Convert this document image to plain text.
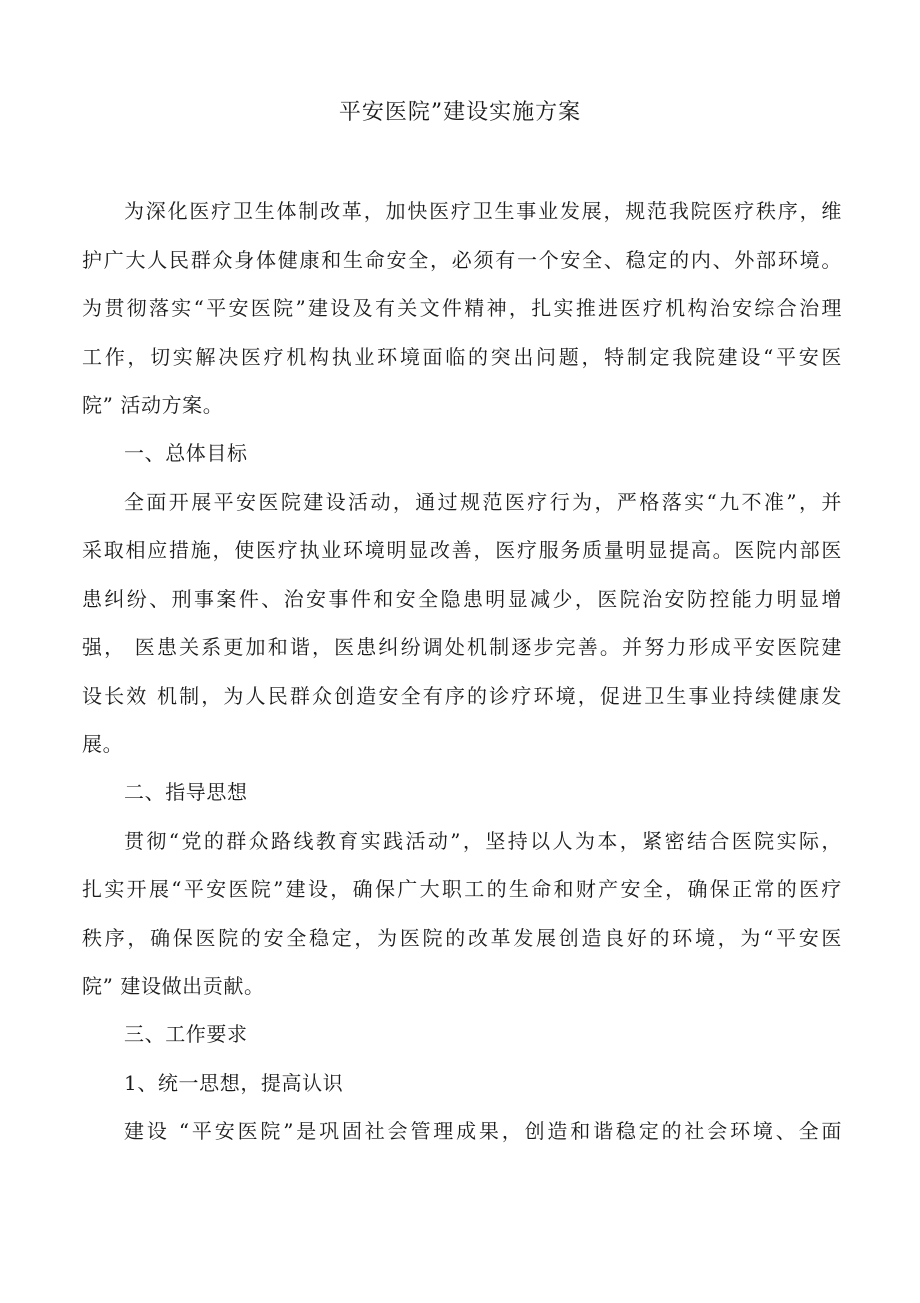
平安医院”建设实施方案
为深化医疗卫生体制改革，加快医疗卫生事业发展，规范我院医疗秩序，维
护广大人民群众身体健康和生命安全，必须有一个安全、稳定的内、外部环境。
为贯彻落实“平安医院”建设及有关文件精神，扎实推进医疗机构治安综合治理
工作，切实解决医疗机构执业环境面临的突出问题，特制定我院建设“平安医
院” 活动方案。
一、总体目标
全面开展平安医院建设活动，通过规范医疗行为，严格落实“九不准”，并
采取相应措施，使医疗执业环境明显改善，医疗服务质量明显提高。医院内部医
患纠纷、刑事案件、治安事件和安全隐患明显减少，医院治安防控能力明显增
强， 医患关系更加和谐，医患纠纷调处机制逐步完善。并努力形成平安医院建
设长效 机制，为人民群众创造安全有序的诊疗环境，促进卫生事业持续健康发
展。
二、指导思想
贯彻“党的群众路线教育实践活动”，坚持以人为本，紧密结合医院实际，
扎实开展“平安医院”建设，确保广大职工的生命和财产安全，确保正常的医疗
秩序，确保医院的安全稳定，为医院的改革发展创造良好的环境，为“平安医
院” 建设做出贡献。
三、工作要求
1、统一思想，提高认识
建设 “平安医院”是巩固社会管理成果，创造和谐稳定的社会环境、全面
